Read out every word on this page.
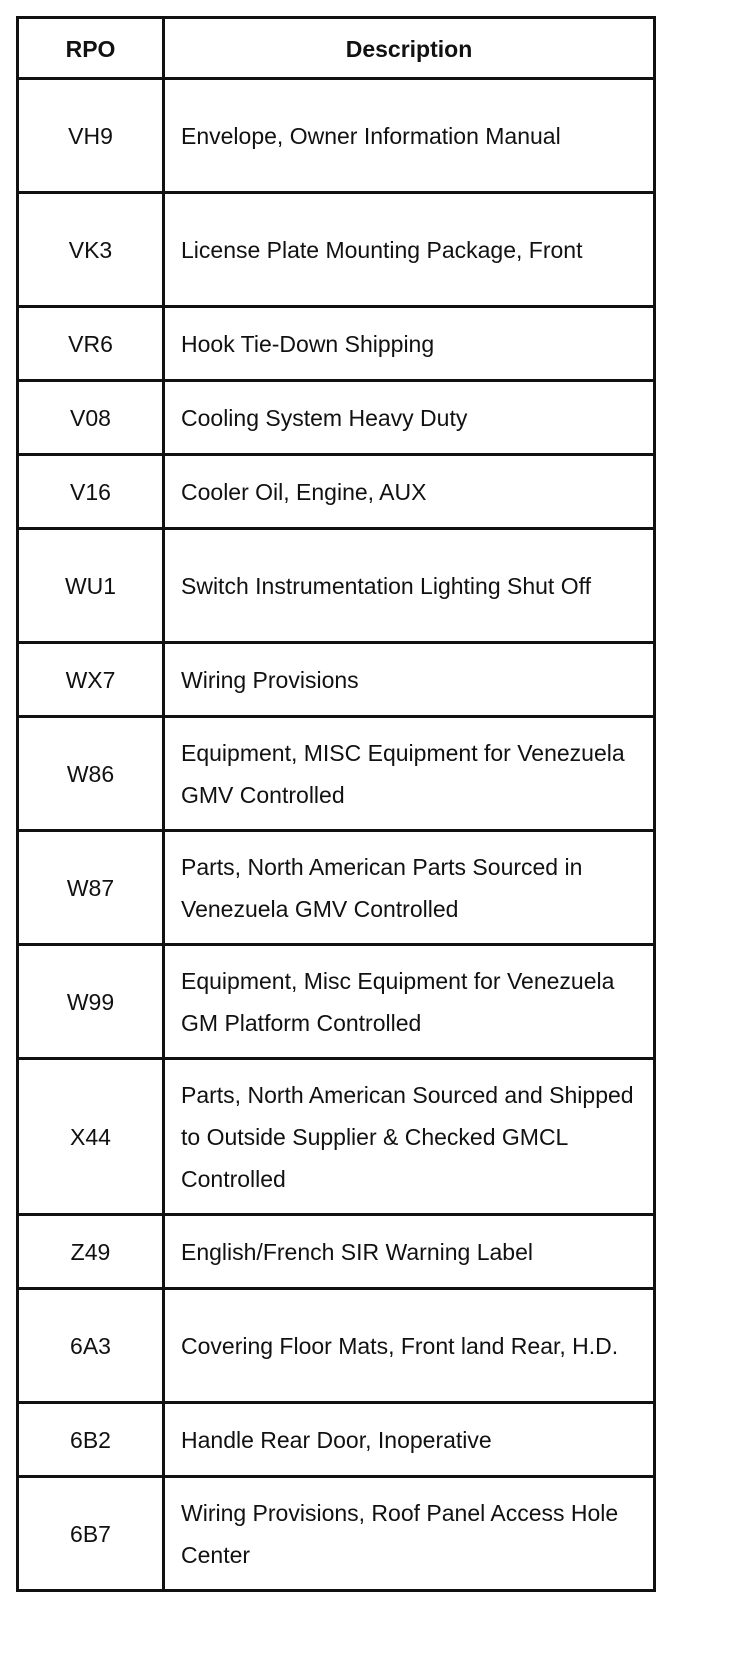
RPO	Description
VH9	Envelope, Owner Information Manual
VK3	License Plate Mounting Package, Front
VR6	Hook Tie-Down Shipping
V08	Cooling System Heavy Duty
V16	Cooler Oil, Engine, AUX
WU1	Switch Instrumentation Lighting Shut Off
WX7	Wiring Provisions
W86	Equipment, MISC Equipment for Venezuela GMV Controlled
W87	Parts, North American Parts Sourced in Venezuela GMV Controlled
W99	Equipment, Misc Equipment for Venezuela GM Platform Controlled
X44	Parts, North American Sourced and Shipped to Outside Supplier & Checked GMCL Controlled
Z49	English/French SIR Warning Label
6A3	Covering Floor Mats, Front land Rear, H.D.
6B2	Handle Rear Door, Inoperative
6B7	Wiring Provisions, Roof Panel Access Hole Center
